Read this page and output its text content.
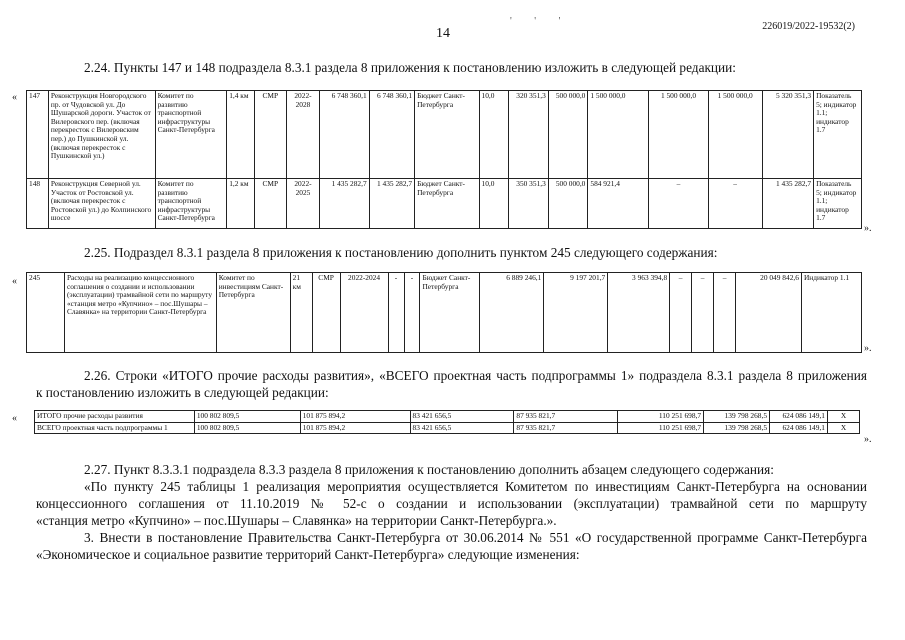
' ' '
14	226019/2022-19532(2)
2.24. Пункты 147 и 148 подраздела 8.3.1 раздела 8 приложения к постановлению изложить в следующей редакции:
« 147	Реконструкция Новгородского пр. от Чудовской ул. До Шушарской дороги. Участок от Вилеровского пер. (включая перекресток с Вилеровским пер.) до Пушкинской ул. (включая перекресток с Пушкинской ул.)	Комитет по развитию транспортной инфраструктуры Санкт-Петербурга	1,4 км	СМР	2022-2028	6 748 360,1	6 748 360,1	Бюджет Санкт-Петербурга	10,0	320 351,3	500 000,0	1 500 000,0	1 500 000,0	1 500 000,0	5 320 351,3	Показатель 5; индикатор 1.1; индикатор 1.7
148	Реконструкция Северной ул. Участок от Ростовской ул. (включая перекресток с Ростовской ул.) до Колпинского шоссе	Комитет по развитию транспортной инфраструктуры Санкт-Петербурга	1,2 км	СМР	2022-2025	1 435 282,7	1 435 282,7	Бюджет Санкт-Петербурга	10,0	350 351,3	500 000,0	584 921,4	–	–	1 435 282,7	Показатель 5; индикатор 1.1; индикатор 1.7
».
2.25. Подраздел 8.3.1 раздела 8 приложения к постановлению дополнить пунктом 245 следующего содержания:
« 245	Расходы на реализацию концессионного соглашения о создании и использовании (эксплуатации) трамвайной сети по маршруту «станция метро «Купчино» – пос.Шушары – Славянка» на территории Санкт-Петербурга	Комитет по инвестициям Санкт-Петербурга	21 км	СМР	2022-2024	-	-	Бюджет Санкт-Петербурга	6 889 246,1	9 197 201,7	3 963 394,8	–	–	–	20 049 842,6	Индикатор 1.1
».
2.26. Строки «ИТОГО прочие расходы развития», «ВСЕГО проектная часть подпрограммы 1» подраздела 8.3.1 раздела 8 приложения
к постановлению изложить в следующей редакции:
«	ИТОГО прочие расходы развития	100 802 809,5	101 875 894,2	83 421 656,5	87 935 821,7	110 251 698,7	139 798 268,5	624 086 149,1	X
ВСЕГО проектная часть подпрограммы 1	100 802 809,5	101 875 894,2	83 421 656,5	87 935 821,7	110 251 698,7	139 798 268,5	624 086 149,1	X
».
2.27. Пункт 8.3.3.1 подраздела 8.3.3 раздела 8 приложения к постановлению дополнить абзацем следующего содержания:
«По пункту 245 таблицы 1 реализация мероприятия осуществляется Комитетом по инвестициям Санкт-Петербурга на основании
концессионного соглашения от 11.10.2019 № 52-с о создании и использовании (эксплуатации) трамвайной сети по маршруту
«станция метро «Купчино» – пос.Шушары – Славянка» на территории Санкт-Петербурга.».
3. Внести в постановление Правительства Санкт-Петербурга от 30.06.2014 № 551 «О государственной программе Санкт-Петербурга
«Экономическое и социальное развитие территорий Санкт-Петербурга» следующие изменения:
